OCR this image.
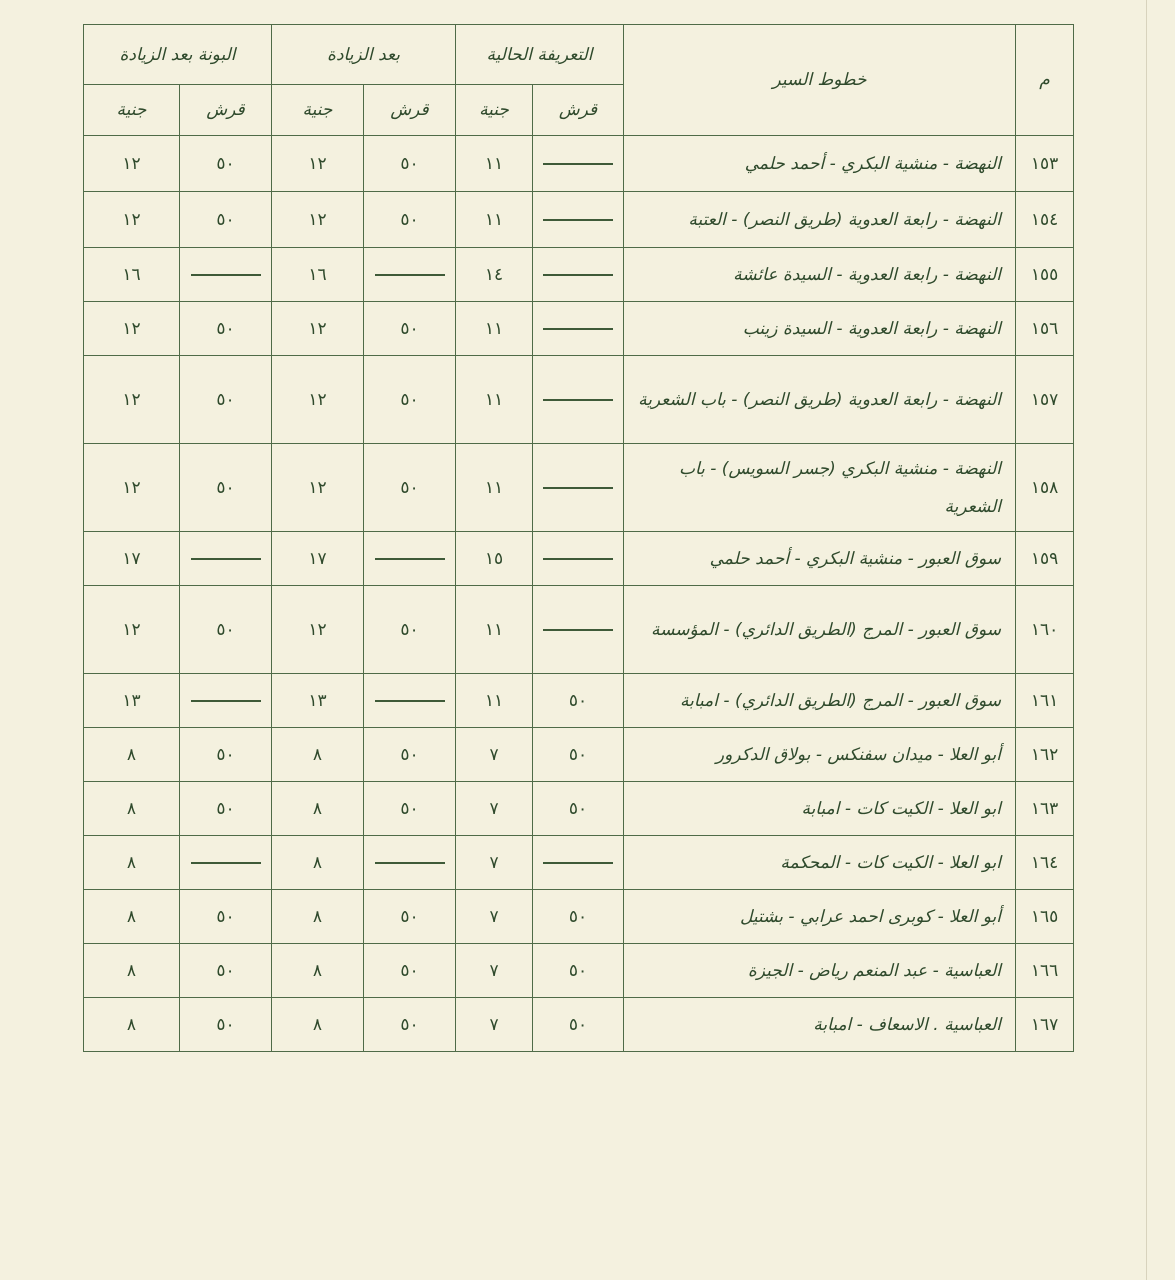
م	خطوط السير	التعريفة الحالية		بعد الزيادة		البونة بعد الزيادة	
		قرش	جنية	قرش	جنية	قرش	جنية
١٥٣	النهضة - منشية البكري - أحمد حلمي		١١	٥٠	١٢	٥٠	١٢
١٥٤	النهضة - رابعة العدوية (طريق النصر) - العتبة		١١	٥٠	١٢	٥٠	١٢
١٥٥	النهضة - رابعة العدوية - السيدة عائشة		١٤		١٦		١٦
١٥٦	النهضة - رابعة العدوية - السيدة زينب		١١	٥٠	١٢	٥٠	١٢
١٥٧	النهضة - رابعة العدوية (طريق النصر) - باب الشعرية		١١	٥٠	١٢	٥٠	١٢
١٥٨	النهضة - منشية البكري (جسر السويس) - باب الشعرية		١١	٥٠	١٢	٥٠	١٢
١٥٩	سوق العبور - منشية البكري - أحمد حلمي		١٥		١٧		١٧
١٦٠	سوق العبور - المرج (الطريق الدائري) - المؤسسة		١١	٥٠	١٢	٥٠	١٢
١٦١	سوق العبور - المرج (الطريق الدائري) - امبابة	٥٠	١١		١٣		١٣
١٦٢	أبو العلا - ميدان سفنكس - بولاق الدكرور	٥٠	٧	٥٠	٨	٥٠	٨
١٦٣	ابو العلا - الكيت كات - امبابة	٥٠	٧	٥٠	٨	٥٠	٨
١٦٤	ابو العلا - الكيت كات - المحكمة		٧		٨		٨
١٦٥	أبو العلا - كوبرى احمد عرابي - بشتيل	٥٠	٧	٥٠	٨	٥٠	٨
١٦٦	العباسية - عبد المنعم رياض - الجيزة	٥٠	٧	٥٠	٨	٥٠	٨
١٦٧	العباسية . الاسعاف - امبابة	٥٠	٧	٥٠	٨	٥٠	٨
